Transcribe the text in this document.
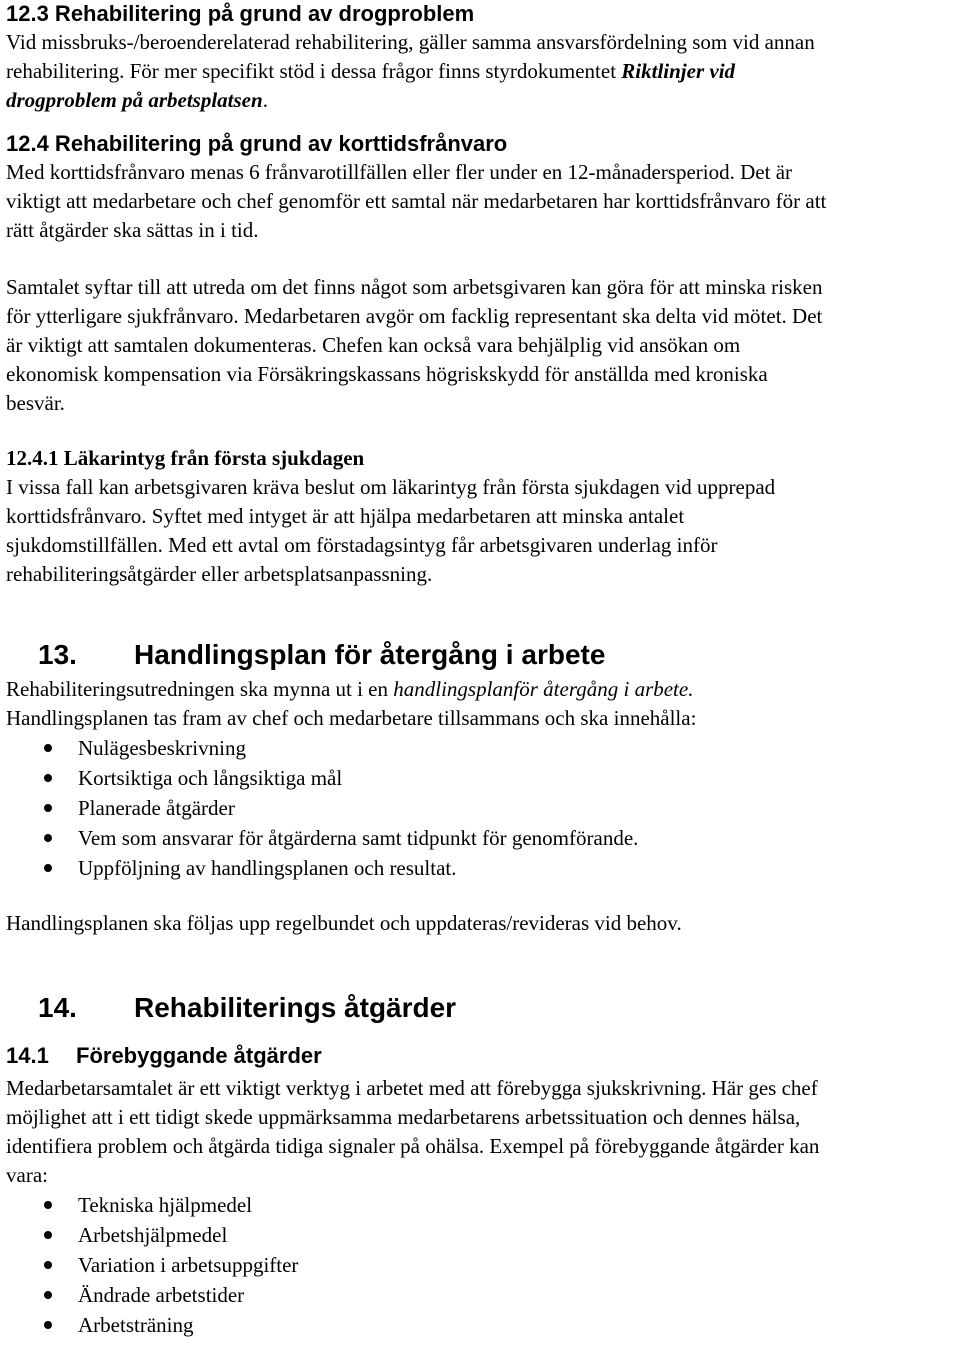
12.3 Rehabilitering på grund av drogproblem
Vid missbruks-/beroenderelaterad rehabilitering, gäller samma ansvarsfördelning som vid annan
rehabilitering. För mer specifikt stöd i dessa frågor finns styrdokumentet Riktlinjer vid
drogproblem på arbetsplatsen.
12.4 Rehabilitering på grund av korttidsfrånvaro
Med korttidsfrånvaro menas 6 frånvarotillfällen eller fler under en 12-månadersperiod. Det är
viktigt att medarbetare och chef genomför ett samtal när medarbetaren har korttidsfrånvaro för att
rätt åtgärder ska sättas in i tid.
Samtalet syftar till att utreda om det finns något som arbetsgivaren kan göra för att minska risken
för ytterligare sjukfrånvaro. Medarbetaren avgör om facklig representant ska delta vid mötet. Det
är viktigt att samtalen dokumenteras. Chefen kan också vara behjälplig vid ansökan om
ekonomisk kompensation via Försäkringskassans högriskskydd för anställda med kroniska
besvär.
12.4.1 Läkarintyg från första sjukdagen
I vissa fall kan arbetsgivaren kräva beslut om läkarintyg från första sjukdagen vid upprepad
korttidsfrånvaro. Syftet med intyget är att hjälpa medarbetaren att minska antalet
sjukdomstillfällen. Med ett avtal om förstadagsintyg får arbetsgivaren underlag inför
rehabiliteringsåtgärder eller arbetsplatsanpassning.
13.	Handlingsplan för återgång i arbete
Rehabiliteringsutredningen ska mynna ut i en handlingsplanför återgång i arbete.
Handlingsplanen tas fram av chef och medarbetare tillsammans och ska innehålla:
Nulägesbeskrivning
Kortsiktiga och långsiktiga mål
Planerade åtgärder
Vem som ansvarar för åtgärderna samt tidpunkt för genomförande.
Uppföljning av handlingsplanen och resultat.
Handlingsplanen ska följas upp regelbundet och uppdateras/revideras vid behov.
14.	Rehabiliterings åtgärder
14.1	Förebyggande åtgärder
Medarbetarsamtalet är ett viktigt verktyg i arbetet med att förebygga sjukskrivning. Här ges chef
möjlighet att i ett tidigt skede uppmärksamma medarbetarens arbetssituation och dennes hälsa,
identifiera problem och åtgärda tidiga signaler på ohälsa. Exempel på förebyggande åtgärder kan
vara:
Tekniska hjälpmedel
Arbetshjälpmedel
Variation i arbetsuppgifter
Ändrade arbetstider
Arbetsträning
